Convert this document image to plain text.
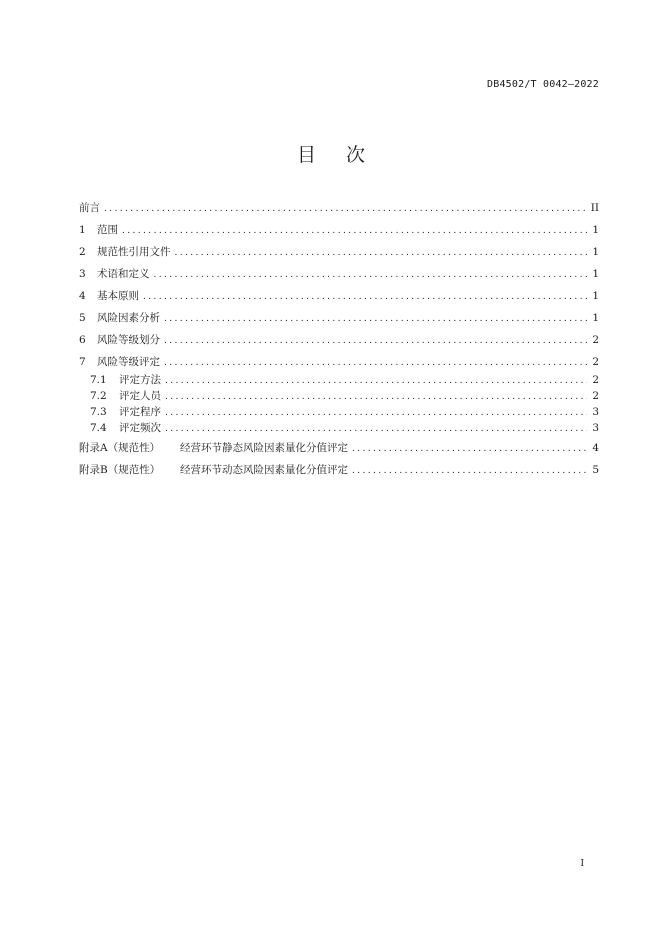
DB4502/T 0042—2022
目次
前言 .....	II
1	范围 .....	1
2	规范性引用文件 .....	1
3	术语和定义 .....	1
4	基本原则 .....	1
5	风险因素分析 .....	1
6	风险等级划分 .....	2
7	风险等级评定 .....	2
7.1	评定方法 .....	2
7.2	评定人员 .....	2
7.3	评定程序 .....	3
7.4	评定频次 .....	3
附录A（规范性）	经营环节静态风险因素量化分值评定 .....	4
附录B（规范性）	经营环节动态风险因素量化分值评定 .....	5
I
